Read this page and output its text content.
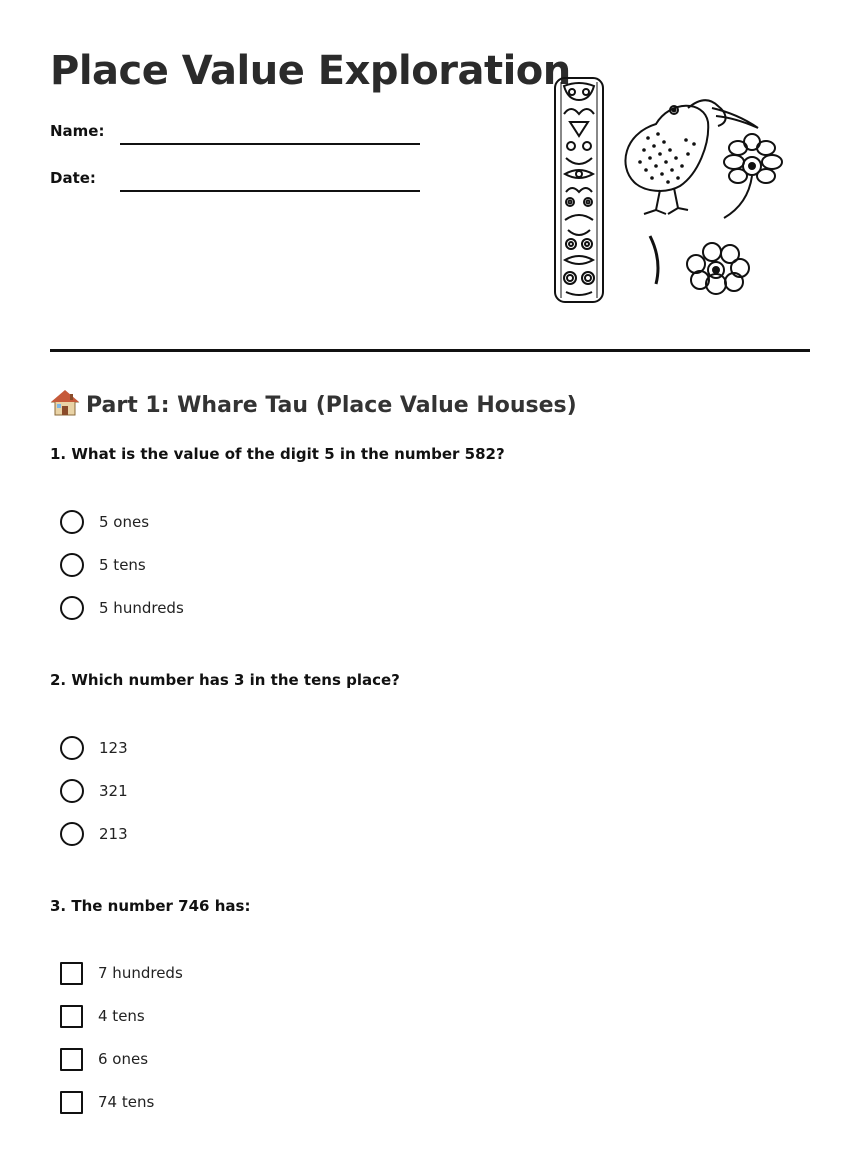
Place Value Exploration
Name:
Date:
Part 1: Whare Tau (Place Value Houses)

1. What is the value of the digit 5 in the number 582?

5 ones
5 tens
5 hundreds

2. Which number has 3 in the tens place?

123
321
213

3. The number 746 has:

7 hundreds
4 tens
6 ones
74 tens
